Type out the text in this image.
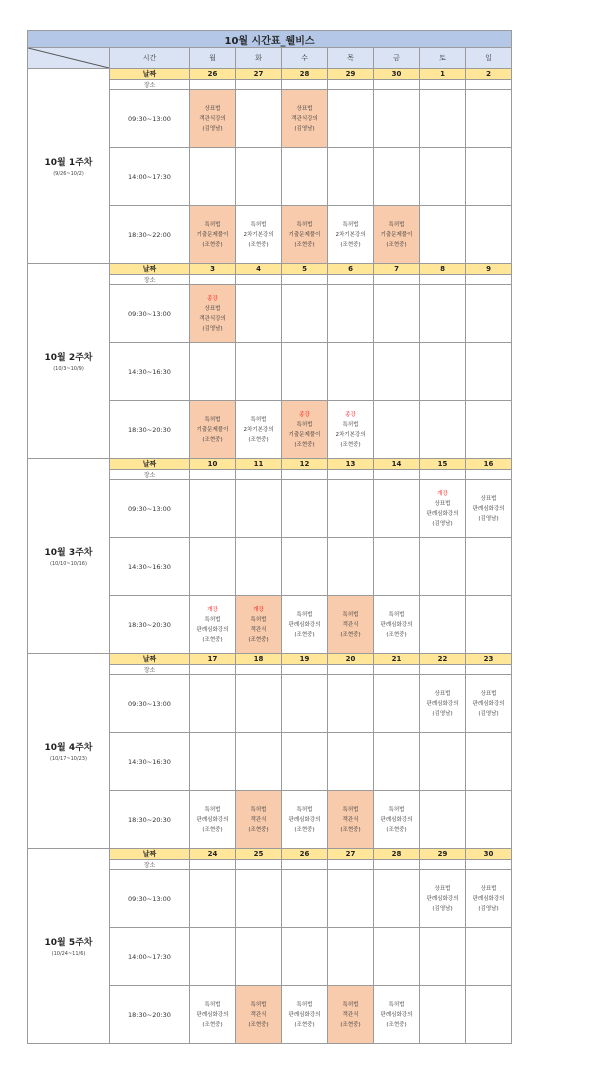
10월 시간표_웰비스								

	시간	월	화	수	목	금	토	일

10월 1주차
(9/26~10/2)	날짜	26	27	28	29	30	1	2
	장소							
	09:30~13:00	상표법
객관식강의
(김영남)		상표법
객관식강의
(김영남)				

	14:00~17:30							
	18:30~22:00	특허법
기출문제풀이
(조현중)	특허법
2차기본강의
(조현중)	특허법
기출문제풀이
(조현중)	특허법
2차기본강의
(조현중)	특허법
기출문제풀이
(조현중)		

10월 2주차
(10/3~10/9)	날짜	3	4	5	6	7	8	9
	장소							
	09:30~13:00	종강
상표법
객관식강의
(김영남)						

	14:30~16:30							
	18:30~20:30	특허법
기출문제풀이
(조현중)	특허법
2차기본강의
(조현중)	종강
특허법
기출문제풀이
(조현중)	종강
특허법
2차기본강의
(조현중)			

10월 3주차
(10/10~10/16)	날짜	10	11	12	13	14	15	16
	장소							
	09:30~13:00						개강
상표법
판례심화강의
(김영남)	상표법
판례심화강의
(김영남)

	14:30~16:30							
	18:30~20:30	개강
특허법
판례심화강의
(조현중)	개강
특허법
객관식
(조현중)	특허법
판례심화강의
(조현중)	특허법
객관식
(조현중)	특허법
판례심화강의
(조현중)		

10월 4주차
(10/17~10/23)	날짜	17	18	19	20	21	22	23
	장소							
	09:30~13:00						상표법
판례심화강의
(김영남)	상표법
판례심화강의
(김영남)

	14:30~16:30							
	18:30~20:30	특허법
판례심화강의
(조현중)	특허법
객관식
(조현중)	특허법
판례심화강의
(조현중)	특허법
객관식
(조현중)	특허법
판례심화강의
(조현중)		

10월 5주차
(10/24~11/6)	날짜	24	25	26	27	28	29	30
	장소							
	09:30~13:00						상표법
판례심화강의
(김영남)	상표법
판례심화강의
(김영남)

	14:00~17:30							
	18:30~20:30	특허법
판례심화강의
(조현중)	특허법
객관식
(조현중)	특허법
판례심화강의
(조현중)	특허법
객관식
(조현중)	특허법
판례심화강의
(조현중)		
